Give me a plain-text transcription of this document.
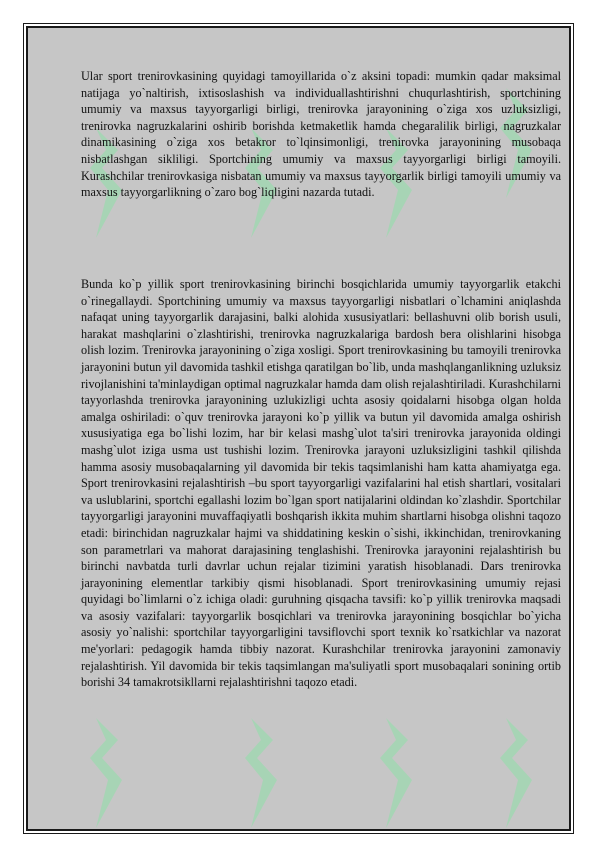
Ular sport trenirovkasining quyidagi tamoyillarida o`z aksini topadi: mumkin qadar maksimal natijaga yo`naltirish, ixtisoslashish va individuallashtirishni chuqurlashtirish, sportchining umumiy va maxsus tayyorgarligi birligi, trenirovka jarayonining o`ziga xos uzluksizligi, trenirovka nagruzkalarini oshirib borishda ketmaketlik hamda chegaralilik birligi, nagruzkalar dinamikasining o`ziga xos betakror to`lqinsimonligi, trenirovka jarayonining musobaqa nisbatlashgan sikliligi. Sportchining umumiy va maxsus tayyorgarligi birligi tamoyili. Kurashchilar trenirovkasiga nisbatan umumiy va maxsus tayyorgarlik birligi tamoyili umumiy va maxsus tayyorgarlikning o`zaro bog`liqligini nazarda tutadi.

Bunda ko`p yillik sport trenirovkasining birinchi bosqichlarida umumiy tayyorgarlik etakchi o`rinegallaydi. Sportchining umumiy va maxsus tayyorgarligi nisbatlari o`lchamini aniqlashda nafaqat uning tayyorgarlik darajasini, balki alohida xususiyatlari: bellashuvni olib borish usuli, harakat mashqlarini o`zlashtirishi, trenirovka nagruzkalariga bardosh bera olishlarini hisobga olish lozim. Trenirovka jarayonining o`ziga xosligi. Sport trenirovkasining bu tamoyili trenirovka jarayonini butun yil davomida tashkil etishga qaratilgan bo`lib, unda mashqlanganlikning uzluksiz rivojlanishini ta'minlaydigan optimal nagruzkalar hamda dam olish rejalashtiriladi. Kurashchilarni tayyorlashda trenirovka jarayonining uzlukizligi uchta asosiy qoidalarni hisobga olgan holda amalga oshiriladi: o`quv trenirovka jarayoni ko`p yillik va butun yil davomida amalga oshirish xususiyatiga ega bo`lishi lozim, har bir kelasi mashg`ulot ta'siri trenirovka jarayonida oldingi mashg`ulot iziga usma ust tushishi lozim. Trenirovka jarayoni uzluksizligini tashkil qilishda hamma asosiy musobaqalarning yil davomida bir tekis taqsimlanishi ham katta ahamiyatga ega. Sport trenirovkasini rejalashtirish –bu sport tayyorgarligi vazifalarini hal etish shartlari, vositalari va uslublarini, sportchi egallashi lozim bo`lgan sport natijalarini oldindan ko`zlashdir. Sportchilar tayyorgarligi jarayonini muvaffaqiyatli boshqarish ikkita muhim shartlarni hisobga olishni taqozo etadi: birinchidan nagruzkalar hajmi va shiddatining keskin o`sishi, ikkinchidan, trenirovkaning son parametrlari va mahorat darajasining tenglashishi. Trenirovka jarayonini rejalashtirish bu birinchi navbatda turli davrlar uchun rejalar tizimini yaratish hisoblanadi. Dars trenirovka jarayonining elementlar tarkibiy qismi hisoblanadi. Sport trenirovkasining umumiy rejasi quyidagi bo`limlarni o`z ichiga oladi: guruhning qisqacha tavsifi: ko`p yillik trenirovka maqsadi va asosiy vazifalari: tayyorgarlik bosqichlari va trenirovka jarayonining bosqichlar bo`yicha asosiy yo`nalishi: sportchilar tayyorgarligini tavsiflovchi sport texnik ko`rsatkichlar va nazorat me'yorlari: pedagogik hamda tibbiy nazorat. Kurashchilar trenirovka jarayonini zamonaviy rejalashtirish. Yil davomida bir tekis taqsimlangan ma'suliyatli sport musobaqalari sonining ortib borishi 34 tamakrotsikllarni rejalashtirishni taqozo etadi.
